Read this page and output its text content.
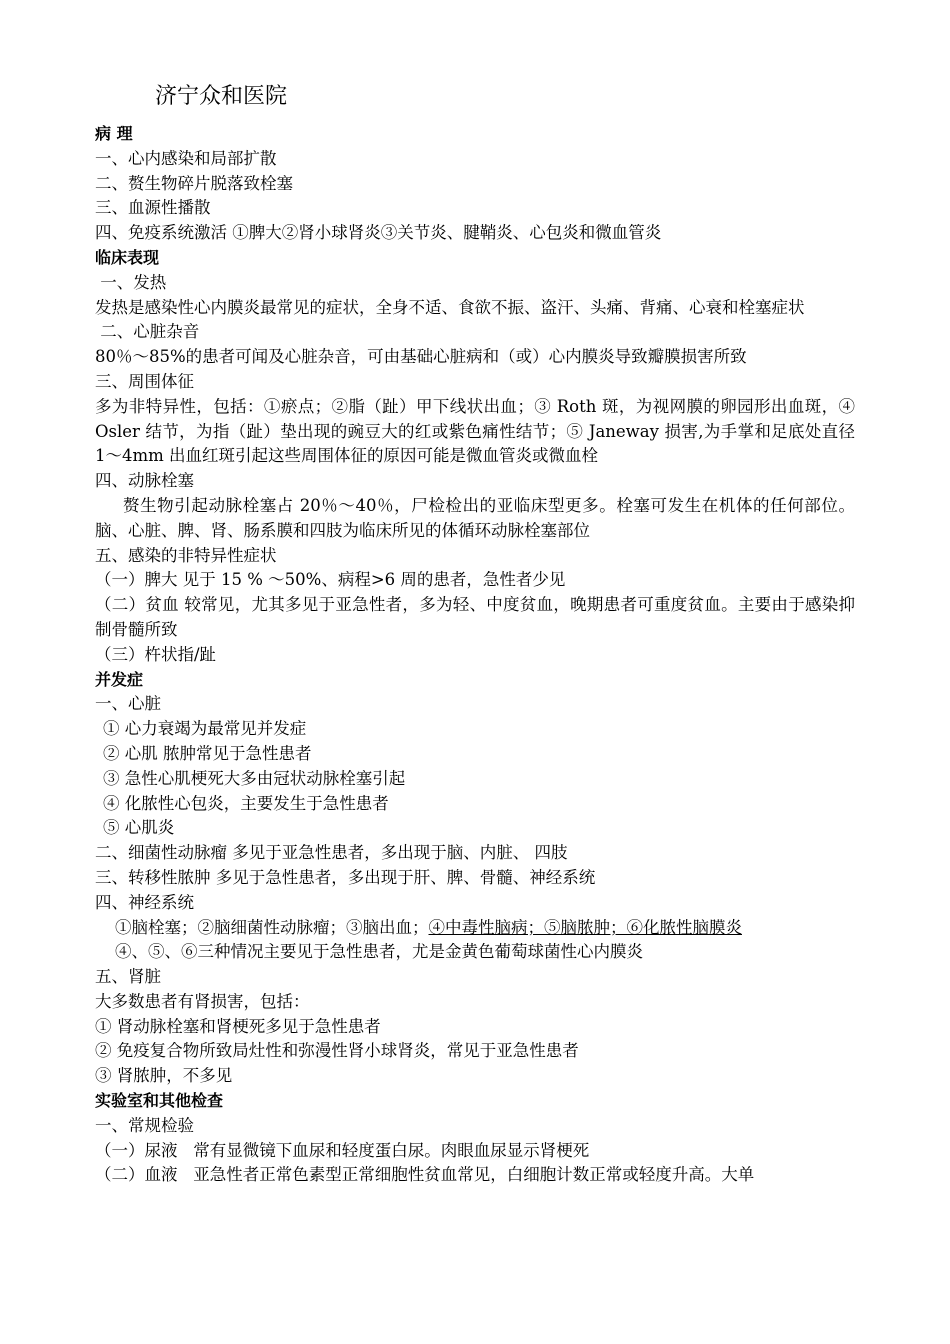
济宁众和医院
病 理
一、心内感染和局部扩散
二、赘生物碎片脱落致栓塞
三、血源性播散
四、免疫系统激活 ①脾大②肾小球肾炎③关节炎、腱鞘炎、心包炎和微血管炎
临床表现
一、发热
发热是感染性心内膜炎最常见的症状，全身不适、食欲不振、盗汗、头痛、背痛、心衰和栓塞症状
二、心脏杂音
80％～85%的患者可闻及心脏杂音，可由基础心脏病和（或）心内膜炎导致瓣膜损害所致
三、周围体征
多为非特异性，包括：①瘀点；②脂（趾）甲下线状出血；③ Roth 斑，为视网膜的卵园形出血斑，④ Osler 结节，为指（趾）垫出现的豌豆大的红或紫色痛性结节；⑤ Janeway 损害,为手掌和足底处直径 1～4mm 出血红斑引起这些周围体征的原因可能是微血管炎或微血栓
四、动脉栓塞
赘生物引起动脉栓塞占 20％～40％，尸检检出的亚临床型更多。栓塞可发生在机体的任何部位。脑、心脏、脾、肾、肠系膜和四肢为临床所见的体循环动脉栓塞部位
五、感染的非特异性症状
（一）脾大 见于 15 % ～50%、病程>6 周的患者，急性者少见
（二）贫血 较常见，尤其多见于亚急性者，多为轻、中度贫血，晚期患者可重度贫血。主要由于感染抑制骨髓所致
（三）杵状指/趾
并发症
一、心脏
① 心力衰竭为最常见并发症
② 心肌 脓肿常见于急性患者
③ 急性心肌梗死大多由冠状动脉栓塞引起
④ 化脓性心包炎，主要发生于急性患者
⑤ 心肌炎
二、细菌性动脉瘤 多见于亚急性患者，多出现于脑、内脏、 四肢
三、转移性脓肿 多见于急性患者，多出现于肝、脾、骨髓、神经系统
四、神经系统
①脑栓塞；②脑细菌性动脉瘤；③脑出血；④中毒性脑病；⑤脑脓肿；⑥化脓性脑膜炎
④、⑤、⑥三种情况主要见于急性患者，尤是金黄色葡萄球菌性心内膜炎
五、肾脏
大多数患者有肾损害，包括：
① 肾动脉栓塞和肾梗死多见于急性患者
② 免疫复合物所致局灶性和弥漫性肾小球肾炎，常见于亚急性患者
③ 肾脓肿，不多见
实验室和其他检查
一、常规检验
（一）尿液   常有显微镜下血尿和轻度蛋白尿。肉眼血尿显示肾梗死
（二）血液   亚急性者正常色素型正常细胞性贫血常见，白细胞计数正常或轻度升高。大单
